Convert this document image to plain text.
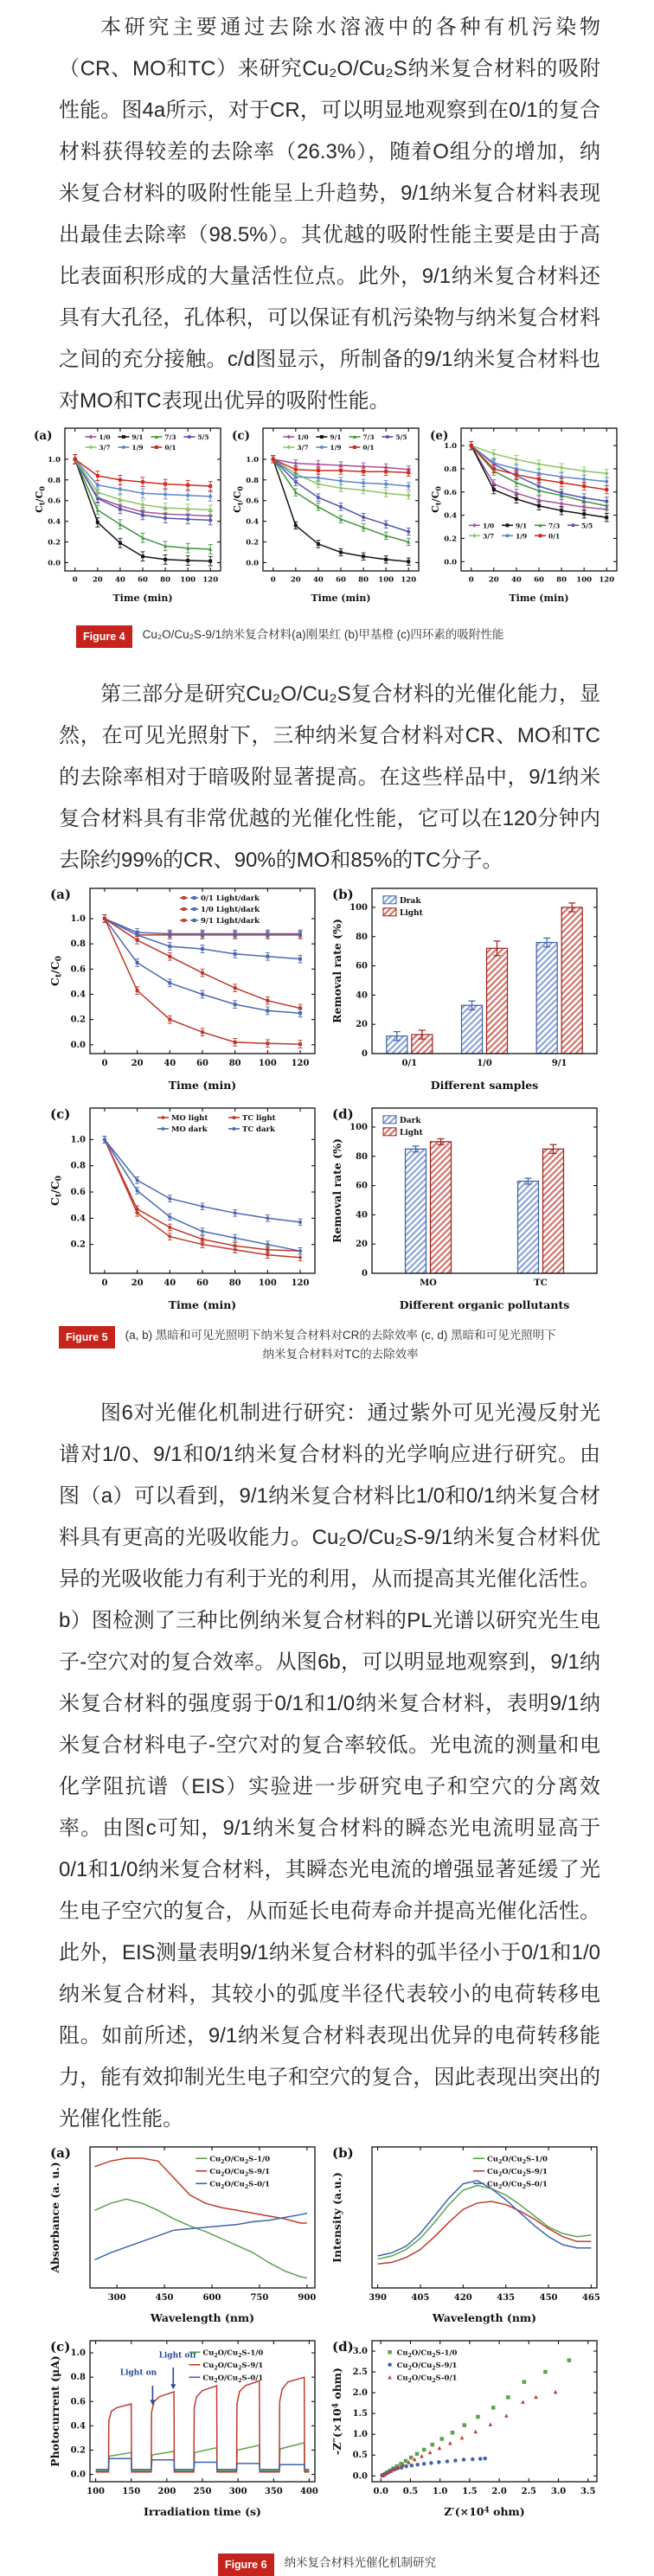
本研究主要通过去除水溶液中的各种有机污染物（CR、MO和TC）来研究Cu₂O/Cu₂S纳米复合材料的吸附性能。图4a所示，对于CR，可以明显地观察到在0/1的复合材料获得较差的去除率（26.3%），随着O组分的增加，纳米复合材料的吸附性能呈上升趋势，9/1纳米复合材料表现出最佳去除率（98.5%）。其优越的吸附性能主要是由于高比表面积形成的大量活性位点。此外，9/1纳米复合材料还具有大孔径，孔体积，可以保证有机污染物与纳米复合材料之间的充分接触。c/d图显示，所制备的9/1纳米复合材料也对MO和TC表现出优异的吸附性能。

0 20 40 60 80 100 120
0.0
0.2
0.4
0.6
0.8
1.0
Time (min)
$C_t/C_0$
(a)	1/0	9/1	7/3	5/5
3/7	1/9	0/1
0 20 40 60 80 100 120
0.0
0.2
0.4
0.6
0.8
1.0
Time (min)
$C_t/C_0$
(c)	1/0	9/1	7/3	5/5
3/7	1/9	0/1
0 20 40 60 80 100 120
0.0
0.2
0.4
0.6
0.8
1.0
Time (min)
$C_t/C_0$
(e)
1/0	9/1	7/3	5/5
3/7	1/9	0/1
Figure 4	Cu₂O/Cu₂S-9/1纳米复合材料(a)刚果红 (b)甲基橙 (c)四环素的吸附性能

第三部分是研究Cu₂O/Cu₂S复合材料的光催化能力，显然，在可见光照射下，三种纳米复合材料对CR、MO和TC的去除率相对于暗吸附显著提高。在这些样品中，9/1纳米复合材料具有非常优越的光催化性能，它可以在120分钟内去除约99%的CR、90%的MO和85%的TC分子。

0	20 40 60 80 100 120
0.0
0.2
0.4
0.6
0.8
1.0
Time (min)
$C_t/C_0$
(a)	0/1 Light/dark
1/0 Light/dark
9/1 Light/dark
0
20
40
60
80
100
Different samples
Removal rate (%)
(b)
0/1	1/0	9/1
Drak
Light
0	20 40 60 80 100 120
0.2
0.4
0.6
0.8
1.0
Time (min)
$C_t/C_0$
(c)	MO light	TC light
MO dark	TC dark
0
20
40
60
80
100
Different organic pollutants
Removal rate (%)
(d)
MO	TC
Dark
Light
Figure 5	(a, b) 黑暗和可见光照明下纳米复合材料对CR的去除效率 (c, d) 黑暗和可见光照明下
纳米复合材料对TC的去除效率

图6对光催化机制进行研究：通过紫外可见光漫反射光谱对1/0、9/1和0/1纳米复合材料的光学响应进行研究。由图（a）可以看到，9/1纳米复合材料比1/0和0/1纳米复合材料具有更高的光吸收能力。Cu₂O/Cu₂S-9/1纳米复合材料优异的光吸收能力有利于光的利用，从而提高其光催化活性。b）图检测了三种比例纳米复合材料的PL光谱以研究光生电子-空穴对的复合效率。从图6b，可以明显地观察到，9/1纳米复合材料的强度弱于0/1和1/0纳米复合材料，表明9/1纳米复合材料电子-空穴对的复合率较低。光电流的测量和电化学阻抗谱（EIS）实验进一步研究电子和空穴的分离效率。由图c可知，9/1纳米复合材料的瞬态光电流明显高于0/1和1/0纳米复合材料，其瞬态光电流的增强显著延缓了光生电子空穴的复合，从而延长电荷寿命并提高光催化活性。此外，EIS测量表明9/1纳米复合材料的弧半径小于0/1和1/0纳米复合材料，其较小的弧度半径代表较小的电荷转移电阻。如前所述，9/1纳米复合材料表现出优异的电荷转移能力，能有效抑制光生电子和空穴的复合，因此表现出突出的光催化性能。

300	450	600	750	900
Wavelength (nm)
Absorbance (a. u.)
(a)	$Cu_2O/Cu_2S-1/0$
$Cu_2O/Cu_2S-9/1$
$Cu_2O/Cu_2S-0/1$
390	405	420	435	450	465
Wavelength (nm)
Intensity (a.u.)
(b)	$Cu_2O/Cu_2S-1/0$
$Cu_2O/Cu_2S-9/1$
$Cu_2O/Cu_2S-0/1$
100 150 200 250 300 350 400
0.0
0.2
0.4
0.6
0.8
1.0
Irradiation time (s)
Photocurrent (μA)
(c)
Light on
Light off $Cu_2O/Cu_2S-1/0$
$Cu_2O/Cu_2S-9/1$
$Cu_2O/Cu_2S-0/1$
0.0 0.5 1.0 1.5 2.0 2.5 3.0 3.5
0.0
0.5
1.0
1.5
2.0
2.5
3.0
$Z'(\times 10^4$ ohm)
$-Z''(\times 10^4$ ohm)
(d)	$Cu_2O/Cu_2S-1/0$
$Cu_2O/Cu_2S-9/1$
$Cu_2O/Cu_2S-0/1$
Figure 6	纳米复合材料光催化机制研究
